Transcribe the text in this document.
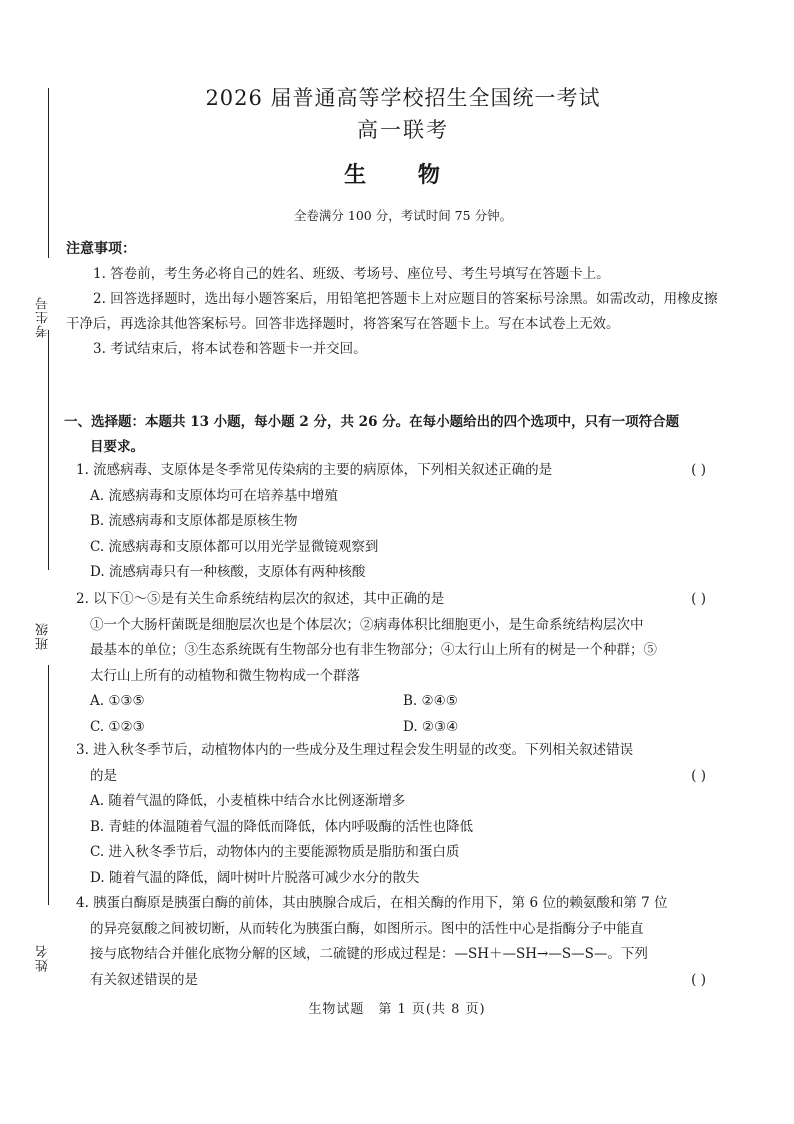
考生号
班级
姓名
2026 届普通高等学校招生全国统一考试
高一联考
生 物
全卷满分 100 分，考试时间 75 分钟。
注意事项：

1. 答卷前，考生务必将自己的姓名、班级、考场号、座位号、考生号填写在答题卡上。

2. 回答选择题时，选出每小题答案后，用铅笔把答题卡上对应题目的答案标号涂黑。如需改动，用橡皮擦干净后，再选涂其他答案标号。回答非选择题时，将答案写在答题卡上。写在本试卷上无效。

3. 考试结束后，将本试卷和答题卡一并交回。

一、选择题：本题共 13 小题，每小题 2 分，共 26 分。在每小题给出的四个选项中，只有一项符合题
目要求。

1. 流感病毒、支原体是冬季常见传染病的主要的病原体，下列相关叙述正确的是	( )

A. 流感病毒和支原体均可在培养基中增殖

B. 流感病毒和支原体都是原核生物

C. 流感病毒和支原体都可以用光学显微镜观察到

D. 流感病毒只有一种核酸，支原体有两种核酸

2. 以下①～⑤是有关生命系统结构层次的叙述，其中正确的是	( )

①一个大肠杆菌既是细胞层次也是个体层次；②病毒体积比细胞更小，是生命系统结构层次中

最基本的单位；③生态系统既有生物部分也有非生物部分；④太行山上所有的树是一个种群；⑤

太行山上所有的动植物和微生物构成一个群落

A. ①③⑤	B. ②④⑤
C. ①②③	D. ②③④

3. 进入秋冬季节后，动植物体内的一些成分及生理过程会发生明显的改变。下列相关叙述错误

的是	( )

A. 随着气温的降低，小麦植株中结合水比例逐渐增多

B. 青蛙的体温随着气温的降低而降低，体内呼吸酶的活性也降低

C. 进入秋冬季节后，动物体内的主要能源物质是脂肪和蛋白质

D. 随着气温的降低，阔叶树叶片脱落可减少水分的散失

4. 胰蛋白酶原是胰蛋白酶的前体，其由胰腺合成后，在相关酶的作用下，第 6 位的赖氨酸和第 7 位

的异亮氨酸之间被切断，从而转化为胰蛋白酶，如图所示。图中的活性中心是指酶分子中能直

接与底物结合并催化底物分解的区域，二硫键的形成过程是：—SH＋—SH→—S—S—。下列

有关叙述错误的是	( )

生物试题　第 1 页(共 8 页)
